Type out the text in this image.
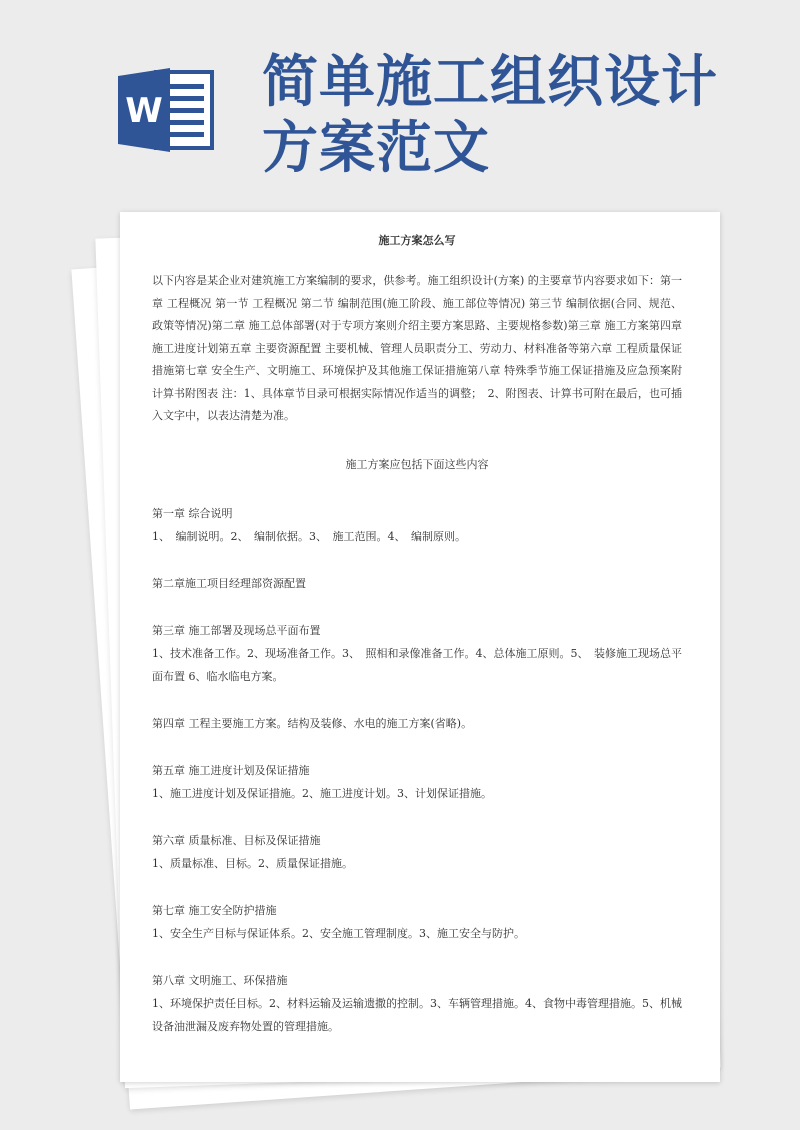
W 简单施工组织设计
方案范文

施工方案怎么写

以下内容是某企业对建筑施工方案编制的要求，供参考。施工组织设计(方案) 的主要章节内容要求如下：第一章 工程概况 第一节 工程概况 第二节 编制范围(施工阶段、施工部位等情况) 第三节 编制依据(合同、规范、政策等情况)第二章 施工总体部署(对于专项方案则介绍主要方案思路、主要规格参数)第三章 施工方案第四章 施工进度计划第五章 主要资源配置 主要机械、管理人员职责分工、劳动力、材料准备等第六章 工程质量保证措施第七章 安全生产、文明施工、环境保护及其他施工保证措施第八章 特殊季节施工保证措施及应急预案附计算书附图表 注：1、具体章节目录可根据实际情况作适当的调整；　2、附图表、计算书可附在最后，也可插入文字中，以表达清楚为准。

施工方案应包括下面这些内容

第一章 综合说明

1、　编制说明。2、　编制依据。3、　施工范围。4、　编制原则。

第二章施工项目经理部资源配置

第三章 施工部署及现场总平面布置

1、技术准备工作。2、现场准备工作。3、　照相和录像准备工作。4、总体施工原则。5、　装修施工现场总平面布置 6、临水临电方案。

第四章 工程主要施工方案。结构及装修、水电的施工方案(省略)。

第五章 施工进度计划及保证措施

1、施工进度计划及保证措施。2、施工进度计划。3、计划保证措施。

第六章 质量标准、目标及保证措施

1、质量标准、目标。2、质量保证措施。

第七章 施工安全防护措施

1、安全生产目标与保证体系。2、安全施工管理制度。3、施工安全与防护。

第八章 文明施工、环保措施

1、环境保护责任目标。2、材料运输及运输遗撒的控制。3、车辆管理措施。4、食物中毒管理措施。5、机械设备油泄漏及废弃物处置的管理措施。
